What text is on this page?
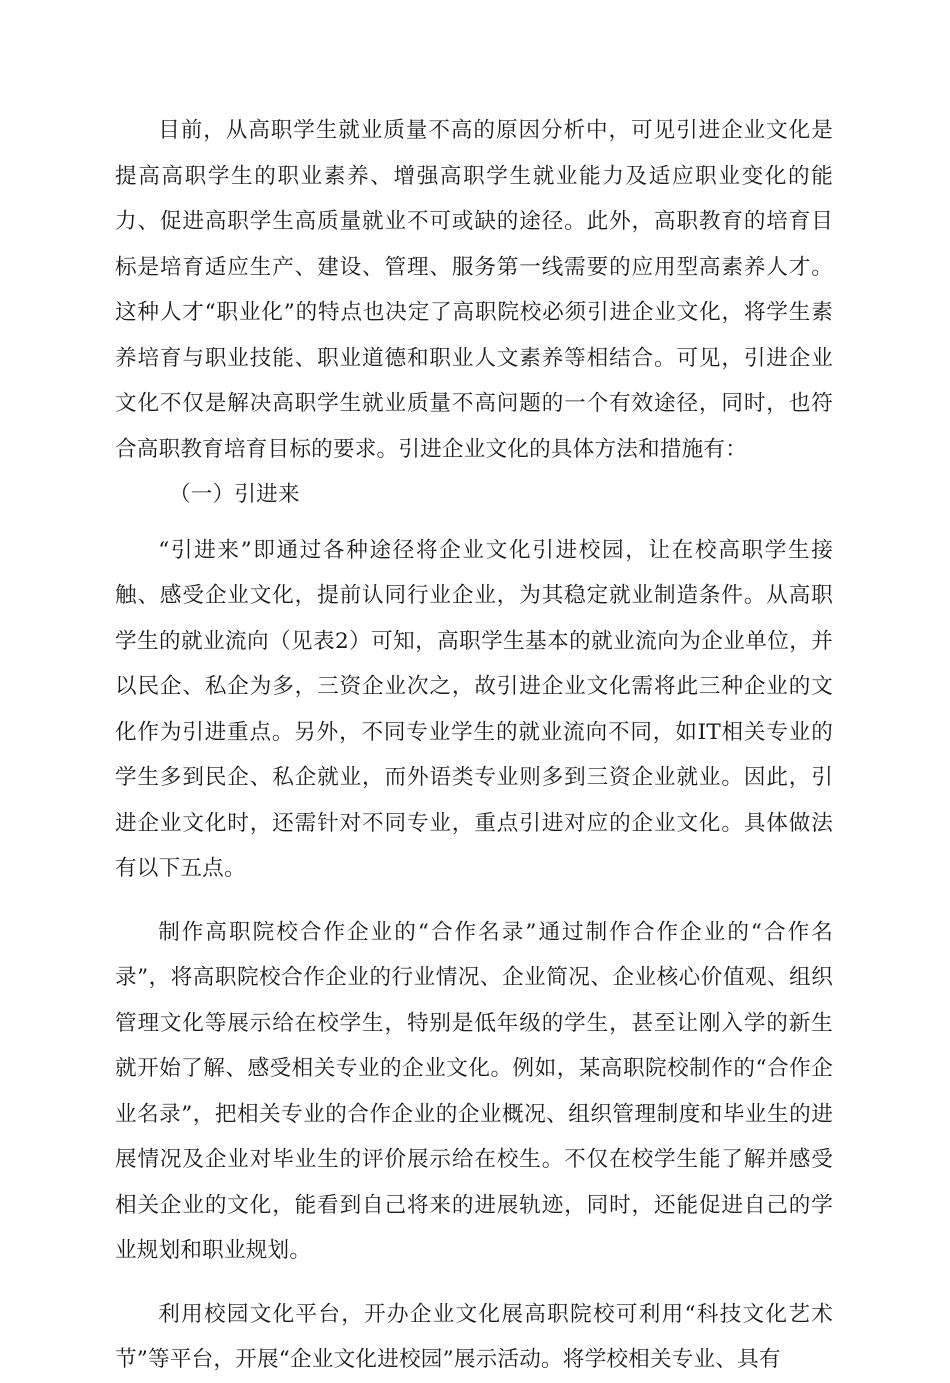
目前，从高职学生就业质量不高的原因分析中，可见引进企业文化是提高高职学生的职业素养、增强高职学生就业能力及适应职业变化的能力、促进高职学生高质量就业不可或缺的途径。此外，高职教育的培育目标是培育适应生产、建设、管理、服务第一线需要的应用型高素养人才。这种人才“职业化”的特点也决定了高职院校必须引进企业文化，将学生素养培育与职业技能、职业道德和职业人文素养等相结合。可见，引进企业文化不仅是解决高职学生就业质量不高问题的一个有效途径，同时，也符合高职教育培育目标的要求。引进企业文化的具体方法和措施有：

（一）引进来

“引进来”即通过各种途径将企业文化引进校园，让在校高职学生接触、感受企业文化，提前认同行业企业，为其稳定就业制造条件。从高职学生的就业流向（见表2）可知，高职学生基本的就业流向为企业单位，并以民企、私企为多，三资企业次之，故引进企业文化需将此三种企业的文化作为引进重点。另外，不同专业学生的就业流向不同，如IT相关专业的学生多到民企、私企就业，而外语类专业则多到三资企业就业。因此，引进企业文化时，还需针对不同专业，重点引进对应的企业文化。具体做法有以下五点。

制作高职院校合作企业的“合作名录”通过制作合作企业的“合作名录”，将高职院校合作企业的行业情况、企业简况、企业核心价值观、组织管理文化等展示给在校学生，特别是低年级的学生，甚至让刚入学的新生就开始了解、感受相关专业的企业文化。例如，某高职院校制作的“合作企业名录”，把相关专业的合作企业的企业概况、组织管理制度和毕业生的进展情况及企业对毕业生的评价展示给在校生。不仅在校学生能了解并感受相关企业的文化，能看到自己将来的进展轨迹，同时，还能促进自己的学业规划和职业规划。

利用校园文化平台，开办企业文化展高职院校可利用“科技文化艺术节”等平台，开展“企业文化进校园”展示活动。将学校相关专业、具有
